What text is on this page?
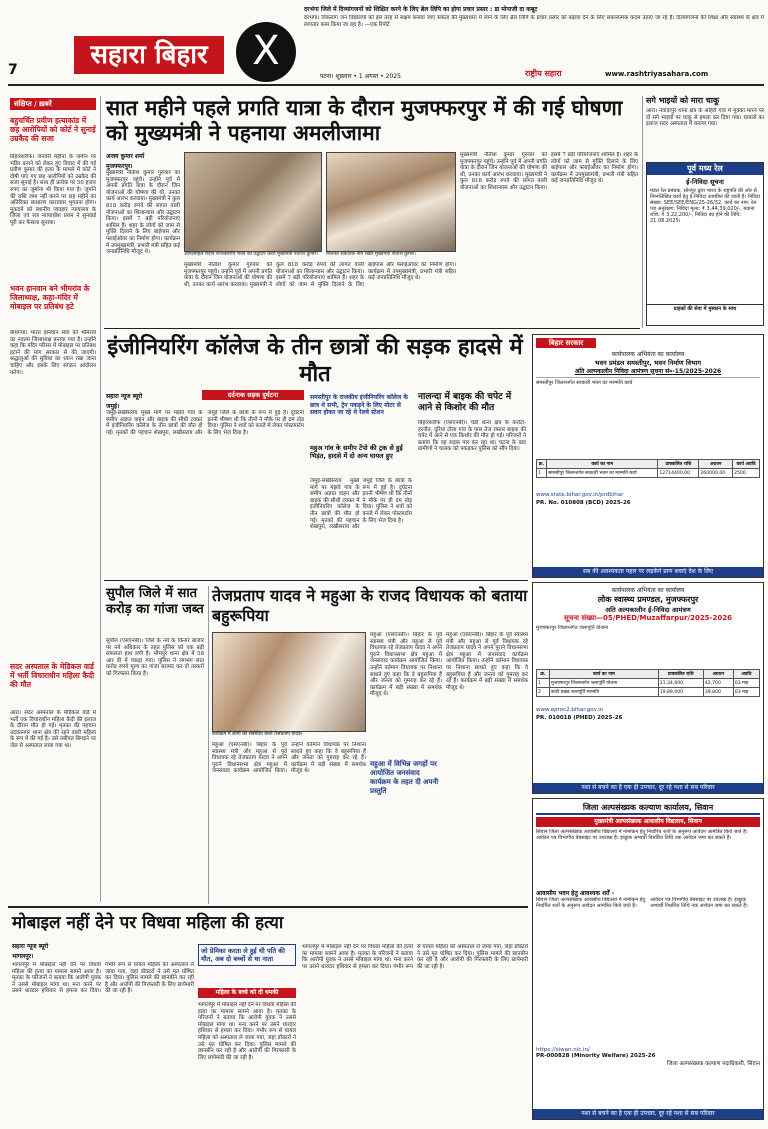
7	सहारा बिहार	X
दरभंगा जिले में दिव्यांगजनों को शिक्षित करने के लिए ब्रेल लिपि का होगा प्रचार प्रसार : डा मोनाजी दा कबूट
दरभंगा। विकलांग जन विद्यालयों को इस तरह से सक्षम बनाया जाए सकता की मुख्यधारा में लाने के लिए ब्रेल लिपि के प्रचार प्रसार को बढ़ावा देने के लिए सकारात्मक कदम उठाए जा रहे हैं। दिव्यांगजनों की शिक्षा और स्वास्थ्य के क्षेत्र में लगातार काम किया जा रहा है। —एक रिपोर्ट
पटना। शुक्रवार • 1 अगस्त • 2025	राष्ट्रीय सहारा	www.rashtriyasahara.com
संक्षिप्त / ख़बरें
बहुचर्चित प्रवीण हत्याकांड में छह आरोपियों को कोर्ट ने सुनाई उम्रकैद की सजा
बिहारशरीफ। जनवरी महीना के जमीन पर भंडिर बनाने को लेकर हुए विवाद में की गई प्रवीण कुमार की हत्या के मामले में कोर्ट ने दोषी पाए गए छह आरोपियों को उम्रकैद की सजा सुनाई है। साथ ही प्रत्येक पर 50 हजार रुपए का जुर्माना भी किया गया है। जुर्माने की राशि जमा नहीं करने पर छह महीने का अतिरिक्त साधारण कारावास भुगतना होगा। मुकदमे को स्थानीय व्यवहार न्यायालय के जिला एवं सत्र न्यायाधीश प्रथम ने सुनवाई पूरी कर फैसला सुनाया।
भवन हानवान बने भीमरांव के जिलाध्यक्ष, कहा-मंदिर में मोबाइल पर प्रतिबंध हटे
बोधगया। भारत हानवान सेवा को भीमरांव का नवतम जिलाध्यक्ष बनाया गया है। उन्होंने कहा कि मंदिर परिसर में मोबाइल पर प्रतिबंध हटाने की मांग सरकार से की जाएगी। श्रद्धालुओं की सुविधा का ध्यान रखा जाना चाहिए और इसके लिए संगठन आंदोलन करेगा।
सदर अस्पताल के मेडिकल वार्ड में भर्ती विचाराधीन महिला कैदी की मौत
आरा। सदर अस्पताल के मेडिकल वार्ड में भर्ती एक विचाराधीन महिला कैदी की इलाज के दौरान मौत हो गई। मृतका की पहचान उदवंतनगर थाना क्षेत्र की रहने वाली महिला के रूप में की गई है। उसे तबीयत बिगड़ने पर जेल से अस्पताल लाया गया था।
सात महीने पहले प्रगति यात्रा के दौरान मुजफ्फरपुर में की गई घोषणा को मुख्यमंत्री ने पहनाया अमलीजामा
अजय कुमार शर्मा
मुजफ्फरपुर।
मुख्यमंत्री नीतीश कुमार गुरुवार को मुजफ्फरपुर पहुंचे। उन्होंने पूर्व में अपनी प्रगति यात्रा के दौरान जिन योजनाओं की घोषणा की थी, उनका कार्य आरंभ करवाया। मुख्यमंत्री ने कुल 818 करोड़ रुपये की लागत वाली योजनाओं का शिलान्यास और उद्घाटन किया। इसमें 7 बड़ी परियोजनाएं शामिल हैं। शहर के लोगों को जाम से मुक्ति दिलाने के लिए बाईपास और फ्लाईओवर का निर्माण होगा। कार्यक्रम में उपमुख्यमंत्री, प्रभारी मंत्री सहित कई जनप्रतिनिधि मौजूद थे।	ओपलमहल मैदान राज्यस्तरीय भवन का उद्घाटन करते मुख्यमंत्री नीतीश कुमार।	मिलकर संकेतिक नींव रखते मुख्यमंत्री नीतीश कुमार।
मुख्यमंत्री नीतीश कुमार गुरुवार को मुजफ्फरपुर पहुंचे। उन्होंने पूर्व में अपनी प्रगति यात्रा के दौरान जिन योजनाओं की घोषणा की थी, उनका कार्य आरंभ करवाया। मुख्यमंत्री ने कुल 818 करोड़ रुपये की लागत वाली योजनाओं का शिलान्यास और उद्घाटन किया। इसमें 7 बड़ी परियोजनाएं शामिल हैं। शहर के लोगों को जाम से मुक्ति दिलाने के लिए बाईपास और फ्लाईओवर का निर्माण होगा। कार्यक्रम में उपमुख्यमंत्री, प्रभारी मंत्री सहित कई जनप्रतिनिधि मौजूद थे।
मुख्यमंत्री नीतीश कुमार गुरुवार को मुजफ्फरपुर पहुंचे। उन्होंने पूर्व में अपनी प्रगति यात्रा के दौरान जिन योजनाओं की घोषणा की थी, उनका कार्य आरंभ करवाया। मुख्यमंत्री ने कुल 818 करोड़ रुपये की लागत वाली योजनाओं का शिलान्यास और उद्घाटन किया। इसमें 7 बड़ी परियोजनाएं शामिल हैं। शहर के लोगों को जाम से मुक्ति दिलाने के लिए बाईपास और फ्लाईओवर का निर्माण होगा। कार्यक्रम में उपमुख्यमंत्री, प्रभारी मंत्री सहित कई जनप्रतिनिधि मौजूद थे।
सगे भाइयों को मारा चाकू
आरा। नवादापुर थाना क्षेत्र के अहिरौ गांव में मुक्का मारने पर दो सगे भाइयों पर चाकू से हमला कर दिया गया। घायलों का इलाज सदर अस्पताल में कराया गया।
पूर्व मध्य रेल
ई-निविदा सूचना
मंडल रेल प्रबंधक, सोनपुर द्वारा भारत के राष्ट्रपति की ओर से निम्नलिखित कार्य हेतु ई-निविदा आमंत्रित की जाती है। निविदा संख्या: SEE/SEE/ENG/25-26/32, कार्य का नाम: रेल पथ अनुरक्षण, निविदा मूल्य: ₹ 3,44,39,020/-, बयाना राशि: ₹ 3,22,200/-, निविदा बंद होने की तिथि: 21.08.2025।
ग्राहकों की सेवा में मुस्कान के साथ
इंजीनियरिंग कॉलेज के तीन छात्रों की सड़क हादसे में मौत
सहारा न्यूज ब्यूरो	दर्दनाक सड़क दुर्घटना
जमुई।
जमुई-लखीसराय मुख्य मार्ग पर मंझवे गांव के समीप अज्ञात वाहन और बाइक की सीधी टक्कर में इंजीनियरिंग कॉलेज के तीन छात्रों की मौत हो गई। मृतकों की पहचान शेखपुरा, लखीसराय और जमुई जिले के छात्रों के रूप में हुई है। दुर्घटना इतनी भीषण थी कि तीनों ने मौके पर ही दम तोड़ दिया। पुलिस ने शवों को कब्जे में लेकर पोस्टमार्टम के लिए भेज दिया है।
समस्तीपुर के राजकीय इंजीनियरिंग कॉलेज के छात्र थे सभी, ट्रेन पकड़ने के लिए मोटर से सवार होकर जा रहे थे रेलवे स्टेशन
महुअ गांव के समीप टेंपो की ट्रक से हुई भिड़ंत, हादसे में दो अन्य घायल हुए
जमुई-लखीसराय मुख्य मार्ग पर मंझवे गांव के समीप अज्ञात वाहन और बाइक की सीधी टक्कर में इंजीनियरिंग कॉलेज के तीन छात्रों की मौत हो गई। मृतकों की पहचान शेखपुरा, लखीसराय और जमुई जिले के छात्रों के रूप में हुई है। दुर्घटना इतनी भीषण थी कि तीनों ने मौके पर ही दम तोड़ दिया। पुलिस ने शवों को कब्जे में लेकर पोस्टमार्टम के लिए भेज दिया है।
नालन्दा में बाइक की चपेट में आने से किशोर की मौत
बिहारशरीफ (एसएनबी)। चंडी थाना क्षेत्र के करोटा-हरनौत, दुरिया टोला गांव के पास तेज रफ्तार बाइक की चपेट में आने से एक किशोर की मौत हो गई। परिजनों ने बताया कि वह सड़क पार कर रहा था। घटना के बाद ग्रामीणों ने चालक को पकड़कर पुलिस को सौंप दिया।
बिहार सरकार
कार्यपालक अभियंता का कार्यालय
भवन प्रमंडल समस्तीपुर, भवन निर्माण विभाग
अति अल्पकालीन निविदा आमंत्रण सूचना सं०-15/2025-2026
समस्तीपुर जिलान्तर्गत सरकारी भवन का मरम्मति कार्य
क्र.	कार्य का नाम	प्राक्कलित राशि	अग्रधन	कार्य अवधि
1	समस्तीपुर जिलान्तर्गत सरकारी भवन का मरम्मति कार्य	12714400.00	260000.00	2500
www.state.bihar.gov.in/prdbihar
PR. No. 010808 (BCD) 2025-26
सब की अवश्यकता पहल पर लड़केंगे प्राण बचाएं देश के लिए
सुपौल जिले में सात करोड़ का गांजा जब्त
सुपौल (एसएनबी)। जिले के नये के किनारे बाजार पर नये अधिकार के तहत पुलिस को एक बड़ी सफलता हाथ लगी है। भीमपुर थाना क्षेत्र में 58 आर डी में पकड़ा गया। पुलिस ने लगभग सात करोड़ रुपये मूल्य का गांजा बरामद कर दो तस्करों को गिरफ्तार किया है।
तेजप्रताप यादव ने महुआ के राजद विधायक को बताया बहुरूपिया
कार्यक्रम में लोगों को संबोधित करते तेजप्रताप यादव।
महुआ (एसएनबी)। बिहार के पूर्व स्वास्थ्य मंत्री और महुआ से पूर्व विधायक रहे तेजप्रताप यादव ने अपने पुराने विधानसभा क्षेत्र महुआ में जनसंवाद कार्यक्रम आयोजित किया। उन्होंने वर्तमान विधायक पर निशाना साधते हुए कहा कि वे बहुरूपिया हैं और जनता को गुमराह कर रहे हैं। कार्यक्रम में बड़ी संख्या में समर्थक मौजूद थे।
महुआ में विभिन्न जगहों पर आयोजित जनसंवाद कार्यक्रम के तहत दी अपनी प्रस्तुति
महुआ (एसएनबी)। बिहार के पूर्व स्वास्थ्य मंत्री और महुआ से पूर्व विधायक रहे तेजप्रताप यादव ने अपने पुराने विधानसभा क्षेत्र महुआ में जनसंवाद कार्यक्रम आयोजित किया। उन्होंने वर्तमान विधायक पर निशाना साधते हुए कहा कि वे बहुरूपिया हैं और जनता को गुमराह कर रहे हैं। कार्यक्रम में बड़ी संख्या में समर्थक मौजूद थे।
महुआ (एसएनबी)। बिहार के पूर्व स्वास्थ्य मंत्री और महुआ से पूर्व विधायक रहे तेजप्रताप यादव ने अपने पुराने विधानसभा क्षेत्र महुआ में जनसंवाद कार्यक्रम आयोजित किया। उन्होंने वर्तमान विधायक पर निशाना साधते हुए कहा कि वे बहुरूपिया हैं और जनता को गुमराह कर रहे हैं। कार्यक्रम में बड़ी संख्या में समर्थक मौजूद थे।
कार्यपालक अभियंता का कार्यालय
लोक स्वास्थ्य प्रमण्डल, मुजफ्फरपुर
अति अल्पकालीन ई-निविदा आमंत्रण
सूचना संख्या—05/PHED/Muzaffarpur/2025-2026
मुजफ्फरपुर जिलान्तर्गत जलापूर्ति योजना
क्र.	कार्य का नाम	प्राक्कलित राशि	अग्रधन	अवधि
1	मुजफ्फरपुर जिलान्तर्गत जलापूर्ति योजना	21,34,600	42,700	03 माह
2	कांटी प्रखंड जलापूर्ति मरम्मति	19,89,000	39,800	03 माह
www.eproc2.bihar.gov.in
PR. 010018 (PHED) 2025-26
नशा से बचने का है एक ही उपचार, दूर रहे नशा से सब परिवार
जिला अल्पसंख्यक कल्याण कार्यालय, सिवान
मुख्यमंत्री अल्पसंख्यक आवासीय विद्यालय, सिवान
सिवान जिला अल्पसंख्यक आवासीय विद्यालय में नामांकन हेतु निर्धारित शर्तों के अनुरूप आवेदन आमंत्रित किये जाते हैं। आवेदन पत्र विभागीय वेबसाइट पर उपलब्ध है। इच्छुक अभ्यर्थी निर्धारित तिथि तक आवेदन जमा कर सकते हैं।
आवासीय भवन हेतु आवश्यक शर्तें -
सिवान जिला अल्पसंख्यक आवासीय विद्यालय में नामांकन हेतु निर्धारित शर्तों के अनुरूप आवेदन आमंत्रित किये जाते हैं। आवेदन पत्र विभागीय वेबसाइट पर उपलब्ध है। इच्छुक अभ्यर्थी निर्धारित तिथि तक आवेदन जमा कर सकते हैं।
https://siwan.nic.in/
PR-000828 (Minority Welfare) 2025-26
जिला अल्पसंख्यक कल्याण पदाधिकारी, सिवान
नशा से बचने का है एक ही उपचार, दूर रहें नशा से सब परिवार
मोबाइल नहीं देने पर विधवा महिला की हत्या
सहारा न्यूज ब्यूरो
भागलपुर।
भागलपुर में मोबाइल नहीं देने पर विधवा महिला की हत्या का मामला सामने आया है। मृतका के परिजनों ने बताया कि आरोपी युवक ने उससे मोबाइल मांगा था। मना करने पर उसने धारदार हथियार से हमला कर दिया। गंभीर रूप से घायल महिला को अस्पताल ले जाया गया, जहां डॉक्टरों ने उसे मृत घोषित कर दिया। पुलिस मामले की छानबीन कर रही है और आरोपी की गिरफ्तारी के लिए छापेमारी की जा रही है।
जो प्रेमिका करता ले हुई थी पति की मौत, अब दो बच्चों से था नाता
महिला के बच्चे को दी धमकी
भागलपुर में मोबाइल नहीं देने पर विधवा महिला की हत्या का मामला सामने आया है। मृतका के परिजनों ने बताया कि आरोपी युवक ने उससे मोबाइल मांगा था। मना करने पर उसने धारदार हथियार से हमला कर दिया। गंभीर रूप से घायल महिला को अस्पताल ले जाया गया, जहां डॉक्टरों ने उसे मृत घोषित कर दिया। पुलिस मामले की छानबीन कर रही है और आरोपी की गिरफ्तारी के लिए छापेमारी की जा रही है।
भागलपुर में मोबाइल नहीं देने पर विधवा महिला की हत्या का मामला सामने आया है। मृतका के परिजनों ने बताया कि आरोपी युवक ने उससे मोबाइल मांगा था। मना करने पर उसने धारदार हथियार से हमला कर दिया। गंभीर रूप से घायल महिला को अस्पताल ले जाया गया, जहां डॉक्टरों ने उसे मृत घोषित कर दिया। पुलिस मामले की छानबीन कर रही है और आरोपी की गिरफ्तारी के लिए छापेमारी की जा रही है।
